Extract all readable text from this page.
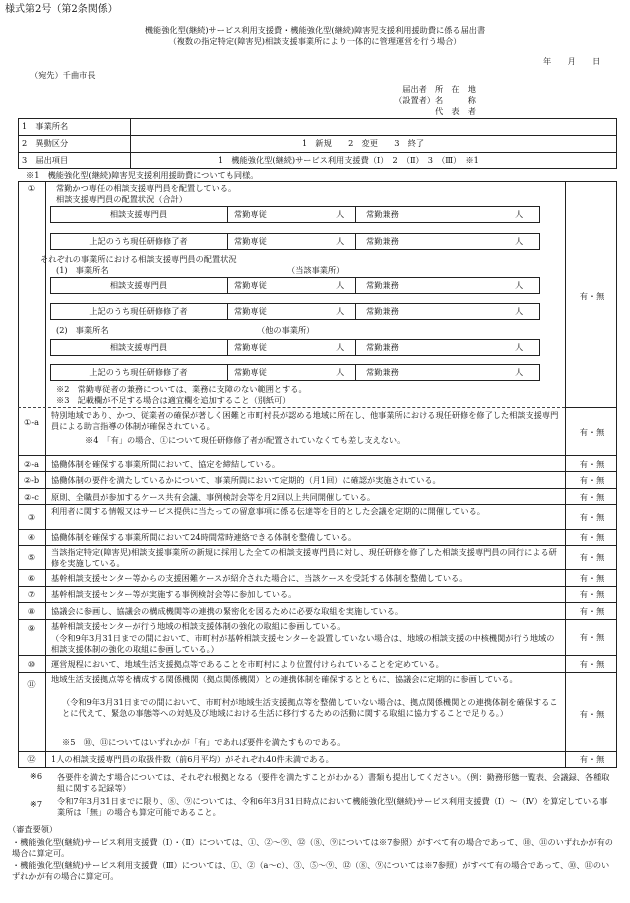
様式第2号（第2条関係）
機能強化型(継続)サービス利用支援費・機能強化型(継続)障害児支援利用援助費に係る届出書
（複数の指定特定(障害児)相談支援事業所により一体的に管理運営を行う場合）
年　　月　　日
（宛先）千曲市長
届出者　所　在　地
（設置者）名　　　称
代　表　者
1　事業所名
2　異動区分	1　新規　　2　変更　　3　終了
3　届出項目	1　機能強化型(継続)サービス利用支援費（Ⅰ）　2　（Ⅱ）　3　（Ⅲ）　※1
※1　機能強化型(継続)障害児支援利用援助費についても同様。
①	常勤かつ専任の相談支援専門員を配置している。
相談支援専門員の配置状況（合計）
相談支援専門員	常勤専従	人	常勤兼務	人
上記のうち現任研修修了者	常勤専従	人	常勤兼務	人
それぞれの事業所における相談支援専門員の配置状況
(1)　事業所名	（当該事業所）
相談支援専門員	常勤専従	人	常勤兼務	人
上記のうち現任研修修了者	常勤専従	人	常勤兼務	人
(2)　事業所名	（他の事業所）
相談支援専門員	常勤専従	人	常勤兼務	人
上記のうち現任研修修了者	常勤専従	人	常勤兼務	人
※2　常勤専従者の兼務については、業務に支障のない範囲とする。
※3　記載欄が不足する場合は適宜欄を追加すること（別紙可）
有・無
①-a
特別地域であり、かつ、従業者の確保が著しく困難と市町村長が認める地域に所在し、他事業所における現任研修を修了した相談支援専門員による助言指導の体制が確保されている。
※4　「有」の場合、①について現任研修修了者が配置されていなくても差し支えない。
有・無
②-a	協働体制を確保する事業所間において、協定を締結している。	有・無
②-b	協働体制の要件を満たしているかについて、事業所間において定期的（月1回）に確認が実施されている。	有・無
②-c	原則、全職員が参加するケース共有会議、事例検討会等を月2回以上共同開催している。	有・無
③
利用者に関する情報又はサービス提供に当たっての留意事項に係る伝達等を目的とした会議を定期的に開催している。
有・無
④	協働体制を確保する事業所間において24時間常時連絡できる体制を整備している。	有・無
⑤	当該指定特定(障害児)相談支援事業所の新規に採用した全ての相談支援専門員に対し、現任研修を修了した相談支援専門員の同行による研修を実施している。
有・無
⑥	基幹相談支援センター等からの支援困難ケースが紹介された場合に、当該ケースを受託する体制を整備している。	有・無
⑦	基幹相談支援センター等が実施する事例検討会等に参加している。	有・無
⑧	協議会に参画し、協議会の構成機関等の連携の緊密化を図るために必要な取組を実施している。	有・無
⑨	基幹相談支援センターが行う地域の相談支援体制の強化の取組に参画している。
（令和9年3月31日までの間において、市町村が基幹相談支援センターを設置していない場合は、地域の相談支援の中核機関が行う地域の相談支援体制の強化の取組に参画している。）
有・無
⑩	運営規程において、地域生活支援拠点等であることを市町村により位置付けられていることを定めている。	有・無
⑪	地域生活支援拠点等を構成する関係機関（拠点関係機関）との連携体制を確保するとともに、協議会に定期的に参画している。
（令和9年3月31日までの間において、市町村が地域生活支援拠点等を整備していない場合は、拠点関係機関との連携体制を確保することに代えて、緊急の事態等への対処及び地域における生活に移行するための活動に関する取組に協力することで足りる。）
※5　⑩、⑪についてはいずれかが「有」であれば要件を満たすものである。
有・無
⑫	1人の相談支援専門員の取扱件数（前6月平均）がそれぞれ40件未満である。	有・無
※6 各要件を満たす場合については、それぞれ根拠となる（要件を満たすことがわかる）書類も提出してください。（例：勤務形態一覧表、会議録、各種取組に関する記録等）
※7 令和7年3月31日までに限り、⑧、⑨については、令和6年3月31日時点において機能強化型(継続)サービス利用支援費（Ⅰ）～（Ⅳ）を算定している事業所は「無」の場合も算定可能であること。
（審査要領）
・機能強化型(継続)サービス利用支援費（Ⅰ）・（Ⅱ）については、①、②～⑨、⑫（⑧、⑨については※7参照）がすべて有の場合であって、⑩、⑪のいずれかが有の場合に算定可。
・機能強化型(継続)サービス利用支援費（Ⅲ）については、①、②（a～c）、③、⑤～⑨、⑫（⑧、⑨については※7参照）がすべて有の場合であって、⑩、⑪のいずれかが有の場合に算定可。
